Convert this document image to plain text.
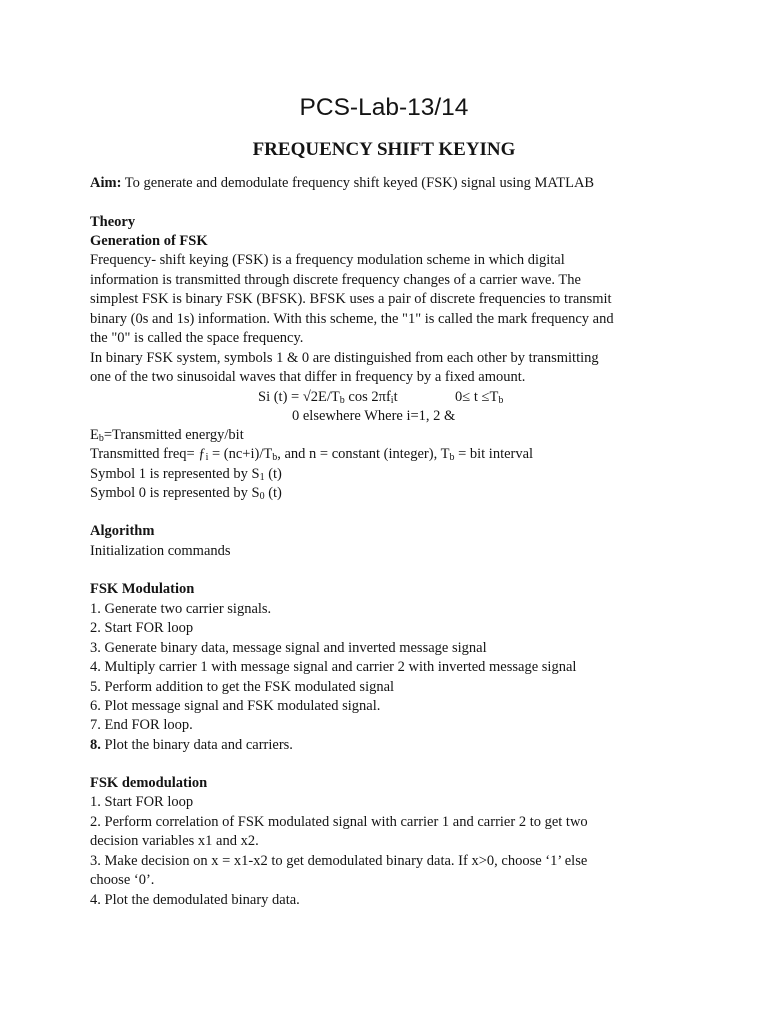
PCS-Lab-13/14
FREQUENCY SHIFT KEYING
Aim: To generate and demodulate frequency shift keyed (FSK) signal using MATLAB
Theory
Generation of FSK
Frequency- shift keying (FSK) is a frequency modulation scheme in which digital
information is transmitted through discrete frequency changes of a carrier wave. The
simplest FSK is binary FSK (BFSK). BFSK uses a pair of discrete frequencies to transmit
binary (0s and 1s) information. With this scheme, the "1" is called the mark frequency and
the "0" is called the space frequency.
In binary FSK system, symbols 1 & 0 are distinguished from each other by transmitting
one of the two sinusoidal waves that differ in frequency by a fixed amount.
Si $(t) = √2E/T_b$ $\cos 2\pi f_it$	$0\le t \le T_b$
0 elsewhere Where i=1, 2 &
$E_b=Transmitted$ energy/bit
Transmitted freq= $ƒ_i = (nc+i)/T_b$, and n = constant (integer), $T_b$ = bit interval
Symbol 1 is represented by $S_1$ (t)
Symbol 0 is represented by $S_0$ (t)
Algorithm
Initialization commands
FSK Modulation
1. Generate two carrier signals.
2. Start FOR loop
3. Generate binary data, message signal and inverted message signal
4. Multiply carrier 1 with message signal and carrier 2 with inverted message signal
5. Perform addition to get the FSK modulated signal
6. Plot message signal and FSK modulated signal.
7. End FOR loop.
8. Plot the binary data and carriers.
FSK demodulation
1. Start FOR loop
2. Perform correlation of FSK modulated signal with carrier 1 and carrier 2 to get two
decision variables x1 and x2.
3. Make decision on x = x1-x2 to get demodulated binary data. If x>0, choose ‘1’ else
choose ‘0’.
4. Plot the demodulated binary data.
